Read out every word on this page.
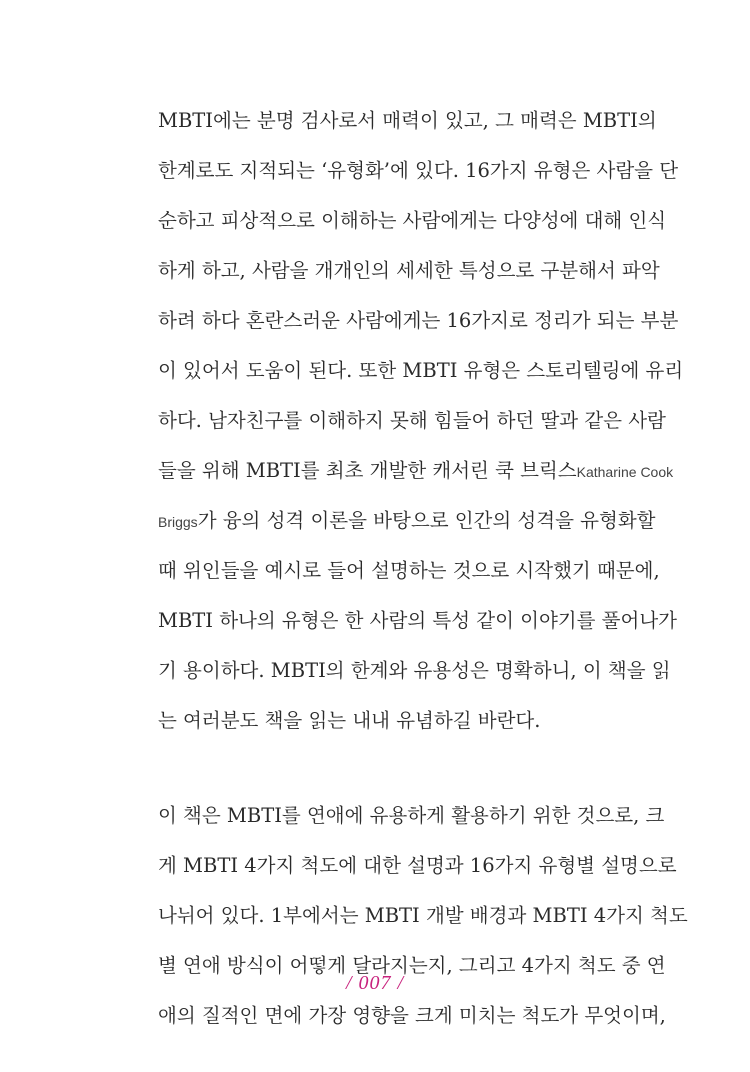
MBTI에는 분명 검사로서 매력이 있고, 그 매력은 MBTI의
한계로도 지적되는 ‘유형화’에 있다. 16가지 유형은 사람을 단
순하고 피상적으로 이해하는 사람에게는 다양성에 대해 인식
하게 하고, 사람을 개개인의 세세한 특성으로 구분해서 파악
하려 하다 혼란스러운 사람에게는 16가지로 정리가 되는 부분
이 있어서 도움이 된다. 또한 MBTI 유형은 스토리텔링에 유리
하다. 남자친구를 이해하지 못해 힘들어 하던 딸과 같은 사람
들을 위해 MBTI를 최초 개발한 캐서린 쿡 브릭스Katharine Cook
Briggs가 융의 성격 이론을 바탕으로 인간의 성격을 유형화할
때 위인들을 예시로 들어 설명하는 것으로 시작했기 때문에,
MBTI 하나의 유형은 한 사람의 특성 같이 이야기를 풀어나가
기 용이하다. MBTI의 한계와 유용성은 명확하니, 이 책을 읽
는 여러분도 책을 읽는 내내 유념하길 바란다.
이 책은 MBTI를 연애에 유용하게 활용하기 위한 것으로, 크
게 MBTI 4가지 척도에 대한 설명과 16가지 유형별 설명으로
나뉘어 있다. 1부에서는 MBTI 개발 배경과 MBTI 4가지 척도
별 연애 방식이 어떻게 달라지는지, 그리고 4가지 척도 중 연
애의 질적인 면에 가장 영향을 크게 미치는 척도가 무엇이며,
/ 007 /
